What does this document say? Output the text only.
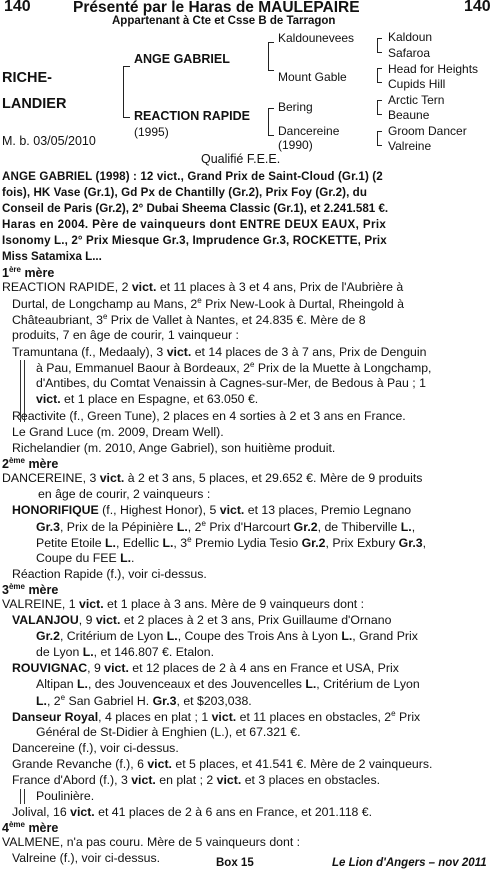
140	Présenté par le Haras de MAULEPAIRE	140
Appartenant à Cte et Csse B de Tarragon
RICHE-
LANDIER
M. b. 03/05/2010
ANGE GABRIEL
REACTION RAPIDE
(1995)
Kaldounevees
Mount Gable
Bering
Dancereine
(1990)
Kaldoun
Safaroa
Head for Heights
Cupids Hill
Arctic Tern
Beaune
Groom Dancer
Valreine
Qualifié F.E.E.
ANGE GABRIEL (1998) : 12 vict., Grand Prix de Saint-Cloud (Gr.1) (2
fois), HK Vase (Gr.1), Gd Px de Chantilly (Gr.2), Prix Foy (Gr.2), du
Conseil de Paris (Gr.2), 2° Dubai Sheema Classic (Gr.1), et 2.241.581 €.
Haras en 2004. Père de vainqueurs dont ENTRE DEUX EAUX, Prix
Isonomy L., 2° Prix Miesque Gr.3, Imprudence Gr.3, ROCKETTE, Prix
Miss Satamixa L...
1ère mère
REACTION RAPIDE, 2 vict. et 11 places à 3 et 4 ans, Prix de l'Aubrière à
Durtal, de Longchamp au Mans, 2e Prix New-Look à Durtal, Rheingold à
Châteaubriant, 3e Prix de Vallet à Nantes, et 24.835 €. Mère de 8
produits, 7 en âge de courir, 1 vainqueur :
Tramuntana (f., Medaaly), 3 vict. et 14 places de 3 à 7 ans, Prix de Denguin
à Pau, Emmanuel Baour à Bordeaux, 2e Prix de la Muette à Longchamp,
d'Antibes, du Comtat Venaissin à Cagnes-sur-Mer, de Bedous à Pau ; 1
vict. et 1 place en Espagne, et 63.050 €.
Reactivite (f., Green Tune), 2 places en 4 sorties à 2 et 3 ans en France.
Le Grand Luce (m. 2009, Dream Well).
Richelandier (m. 2010, Ange Gabriel), son huitième produit.
2ème mère
DANCEREINE, 3 vict. à 2 et 3 ans, 5 places, et 29.652 €. Mère de 9 produits
en âge de courir, 2 vainqueurs :
HONORIFIQUE (f., Highest Honor), 5 vict. et 13 places, Premio Legnano
Gr.3, Prix de la Pépinière L., 2e Prix d'Harcourt Gr.2, de Thiberville L.,
Petite Etoile L., Edellic L., 3e Premio Lydia Tesio Gr.2, Prix Exbury Gr.3,
Coupe du FEE L..
Réaction Rapide (f.), voir ci-dessus.
3ème mère
VALREINE, 1 vict. et 1 place à 3 ans. Mère de 9 vainqueurs dont :
VALANJOU, 9 vict. et 2 places à 2 et 3 ans, Prix Guillaume d'Ornano
Gr.2, Critérium de Lyon L., Coupe des Trois Ans à Lyon L., Grand Prix
de Lyon L., et 146.807 €. Etalon.
ROUVIGNAC, 9 vict. et 12 places de 2 à 4 ans en France et USA, Prix
Altipan L., des Jouvenceaux et des Jouvencelles L., Critérium de Lyon
L., 2e San Gabriel H. Gr.3, et $203,038.
Danseur Royal, 4 places en plat ; 1 vict. et 11 places en obstacles, 2e Prix
Général de St-Didier à Enghien (L.), et 67.321 €.
Dancereine (f.), voir ci-dessus.
Grande Revanche (f.), 6 vict. et 5 places, et 41.541 €. Mère de 2 vainqueurs.
France d'Abord (f.), 3 vict. en plat ; 2 vict. et 3 places en obstacles.
Poulinière.
Jolival, 16 vict. et 41 places de 2 à 6 ans en France, et 201.118 €.
4ème mère
VALMENE, n'a pas couru. Mère de 5 vainqueurs dont :
Valreine (f.), voir ci-dessus.	Box 15	Le Lion d'Angers – nov 2011
